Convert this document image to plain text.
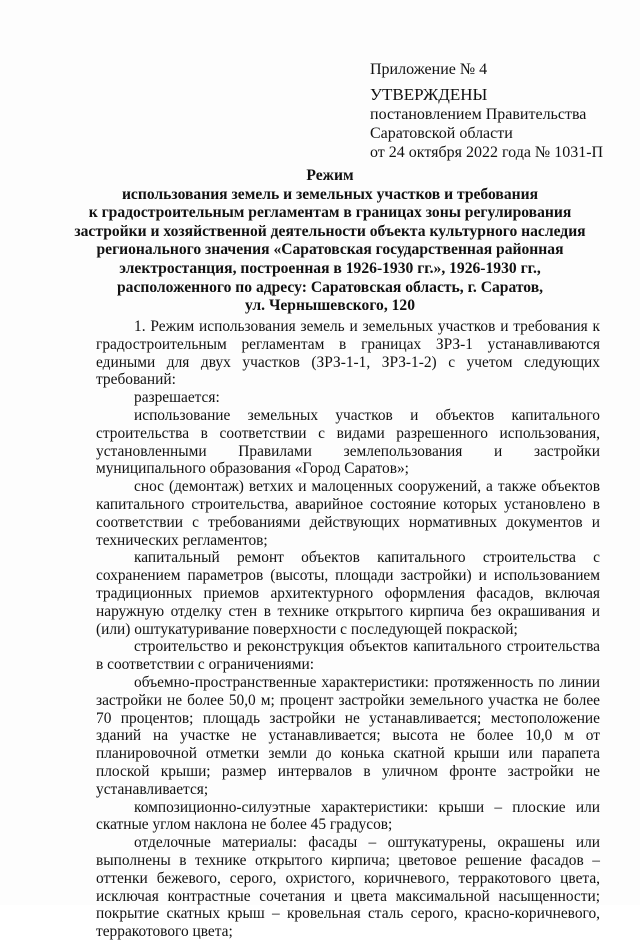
Приложение № 4
УТВЕРЖДЕНЫ
постановлением Правительства
Саратовской области
от 24 октября 2022 года № 1031-П
Режим
использования земель и земельных участков и требования
к градостроительным регламентам в границах зоны регулирования
застройки и хозяйственной деятельности объекта культурного наследия
регионального значения «Саратовская государственная районная
электростанция, построенная в 1926-1930 гг.», 1926-1930 гг.,
расположенного по адресу: Саратовская область, г. Саратов,
ул. Чернышевского, 120

1. Режим использования земель и земельных участков и требования к градостроительным регламентам в границах ЗРЗ-1 устанавливаются едиными для двух участков (ЗРЗ-1-1, ЗРЗ-1-2) с учетом следующих требований:

разрешается:

использование земельных участков и объектов капитального строительства в соответствии с видами разрешенного использования, установленными Правилами землепользования и застройки муниципального образования «Город Саратов»;

снос (демонтаж) ветхих и малоценных сооружений, а также объектов капитального строительства, аварийное состояние которых установлено в соответствии с требованиями действующих нормативных документов и технических регламентов;

капитальный ремонт объектов капитального строительства с сохранением параметров (высоты, площади застройки) и использованием традиционных приемов архитектурного оформления фасадов, включая наружную отделку стен в технике открытого кирпича без окрашивания и (или) оштукатуривание поверхности с последующей покраской;

строительство и реконструкция объектов капитального строительства в соответствии с ограничениями:

объемно-пространственные характеристики: протяженность по линии застройки не более 50,0 м; процент застройки земельного участка не более 70 процентов; площадь застройки не устанавливается; местоположение зданий на участке не устанавливается; высота не более 10,0 м от планировочной отметки земли до конька скатной крыши или парапета плоской крыши; размер интервалов в уличном фронте застройки не устанавливается;

композиционно-силуэтные характеристики: крыши – плоские или скатные углом наклона не более 45 градусов;

отделочные материалы: фасады – оштукатурены, окрашены или выполнены в технике открытого кирпича; цветовое решение фасадов – оттенки бежевого, серого, охристого, коричневого, терракотового цвета, исключая контрастные сочетания и цвета максимальной насыщенности; покрытие скатных крыш – кровельная сталь серого, красно-коричневого, терракотового цвета;
